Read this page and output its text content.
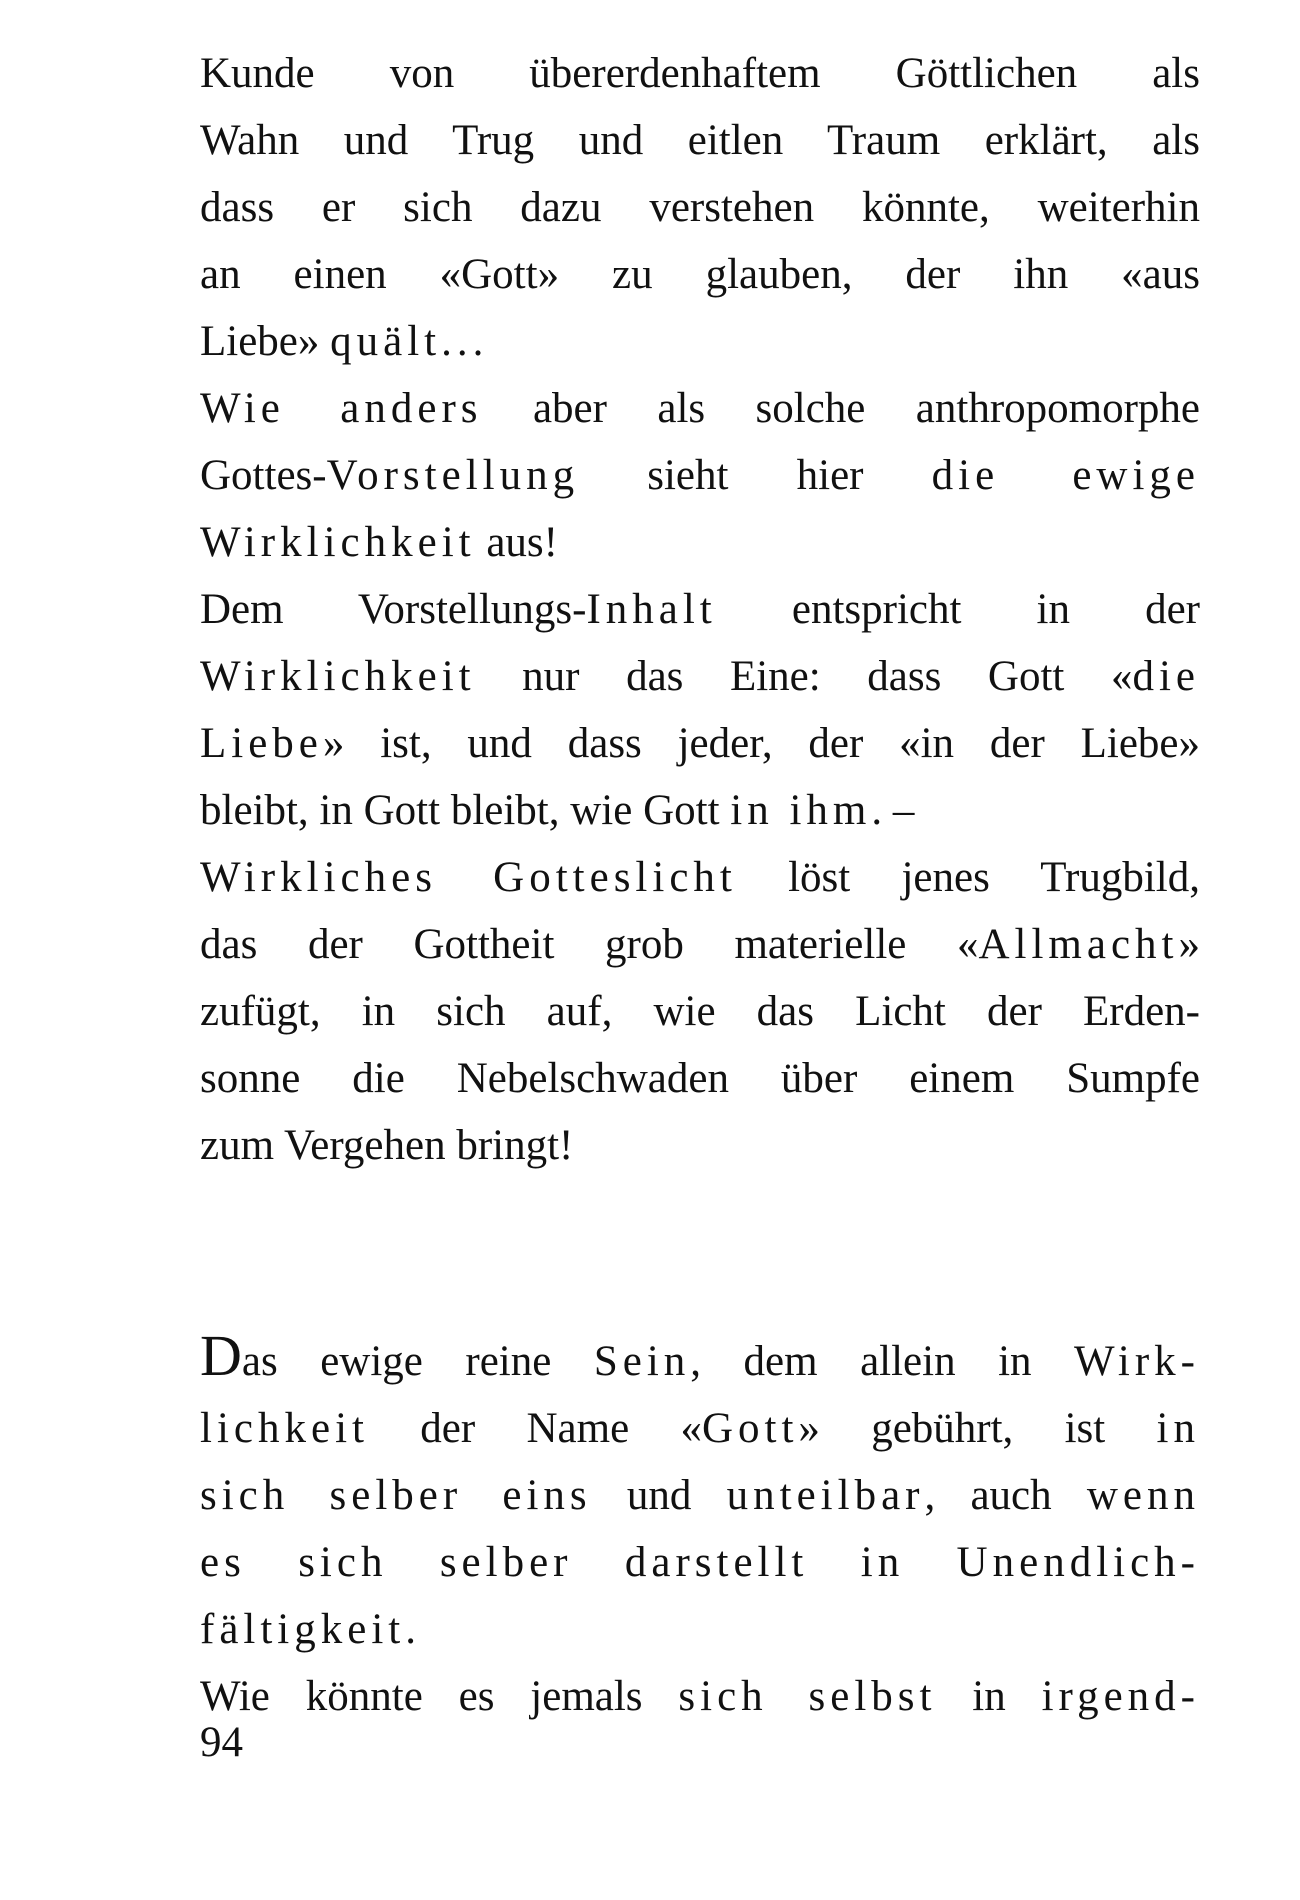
Kunde von übererdenhaftem Göttlichen als
Wahn und Trug und eitlen Traum erklärt, als
dass er sich dazu verstehen könnte, weiterhin
an einen «Gott» zu glauben, der ihn «aus
Liebe» quält...
Wie anders aber als solche anthropomorphe
Gottes-Vorstellung sieht hier die ewige
Wirklichkeit aus!
Dem Vorstellungs-Inhalt entspricht in der
Wirklichkeit nur das Eine: dass Gott «die
Liebe» ist, und dass jeder, der «in der Liebe»
bleibt, in Gott bleibt, wie Gott in ihm. –
Wirkliches Gotteslicht löst jenes Trugbild,
das der Gottheit grob materielle «Allmacht»
zufügt, in sich auf, wie das Licht der Erden-
sonne die Nebelschwaden über einem Sumpfe
zum Vergehen bringt!
Das ewige reine Sein, dem allein in Wirk-
lichkeit der Name «Gott» gebührt, ist in
sich selber eins und unteilbar, auch wenn
es sich selber darstellt in Unendlich-
fältigkeit.
Wie könnte es jemals sich selbst in irgend-
94
